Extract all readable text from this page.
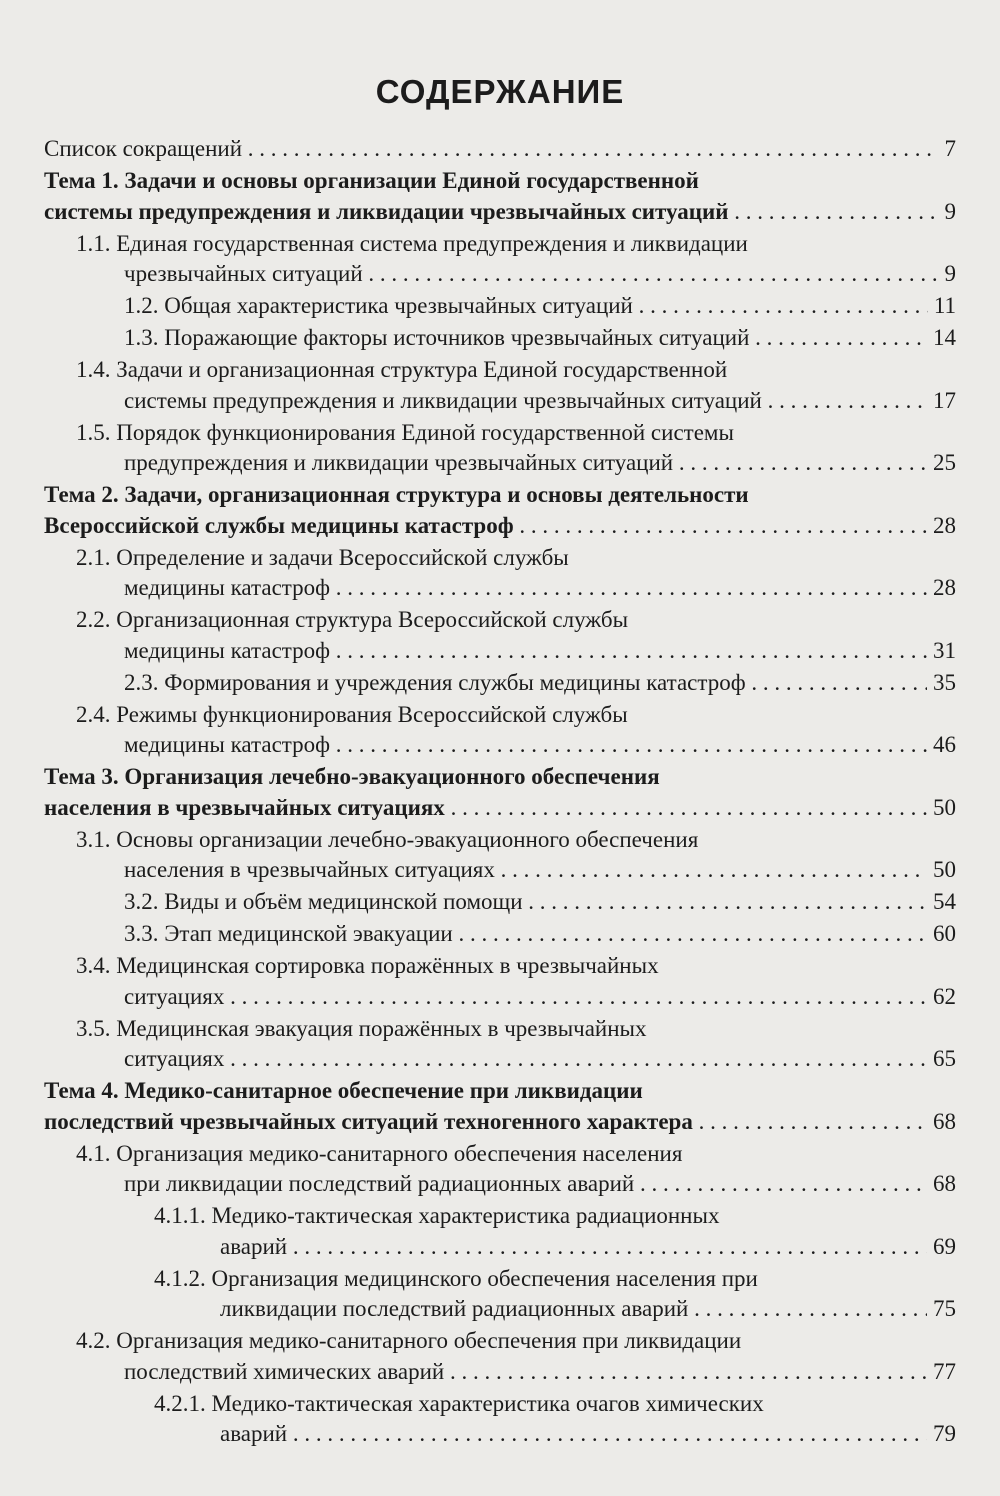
СОДЕРЖАНИЕ
Список сокращений . . .	7
Тема 1. Задачи и основы организации Единой государственной
системы предупреждения и ликвидации чрезвычайных ситуаций . . .	9
1.1. Единая государственная система предупреждения и ликвидации
чрезвычайных ситуаций . . .	9
1.2. Общая характеристика чрезвычайных ситуаций . . .	11
1.3. Поражающие факторы источников чрезвычайных ситуаций . . .	14
1.4. Задачи и организационная структура Единой государственной
системы предупреждения и ликвидации чрезвычайных ситуаций . . .	17
1.5. Порядок функционирования Единой государственной системы
предупреждения и ликвидации чрезвычайных ситуаций . . .	25
Тема 2. Задачи, организационная структура и основы деятельности
Всероссийской службы медицины катастроф . . .	28
2.1. Определение и задачи Всероссийской службы
медицины катастроф . . .	28
2.2. Организационная структура Всероссийской службы
медицины катастроф . . .	31
2.3. Формирования и учреждения службы медицины катастроф . . .	35
2.4. Режимы функционирования Всероссийской службы
медицины катастроф . . .	46
Тема 3. Организация лечебно-эвакуационного обеспечения
населения в чрезвычайных ситуациях . . .	50
3.1. Основы организации лечебно-эвакуационного обеспечения
населения в чрезвычайных ситуациях . . .	50
3.2. Виды и объём медицинской помощи . . .	54
3.3. Этап медицинской эвакуации . . .	60
3.4. Медицинская сортировка поражённых в чрезвычайных
ситуациях . . .	62
3.5. Медицинская эвакуация поражённых в чрезвычайных
ситуациях . . .	65
Тема 4. Медико-санитарное обеспечение при ликвидации
последствий чрезвычайных ситуаций техногенного характера . . .	68
4.1. Организация медико-санитарного обеспечения населения
при ликвидации последствий радиационных аварий . . .	68
4.1.1. Медико-тактическая характеристика радиационных
аварий . . .	69
4.1.2. Организация медицинского обеспечения населения при
ликвидации последствий радиационных аварий . . .	75
4.2. Организация медико-санитарного обеспечения при ликвидации
последствий химических аварий . . .	77
4.2.1. Медико-тактическая характеристика очагов химических
аварий . . .	79
